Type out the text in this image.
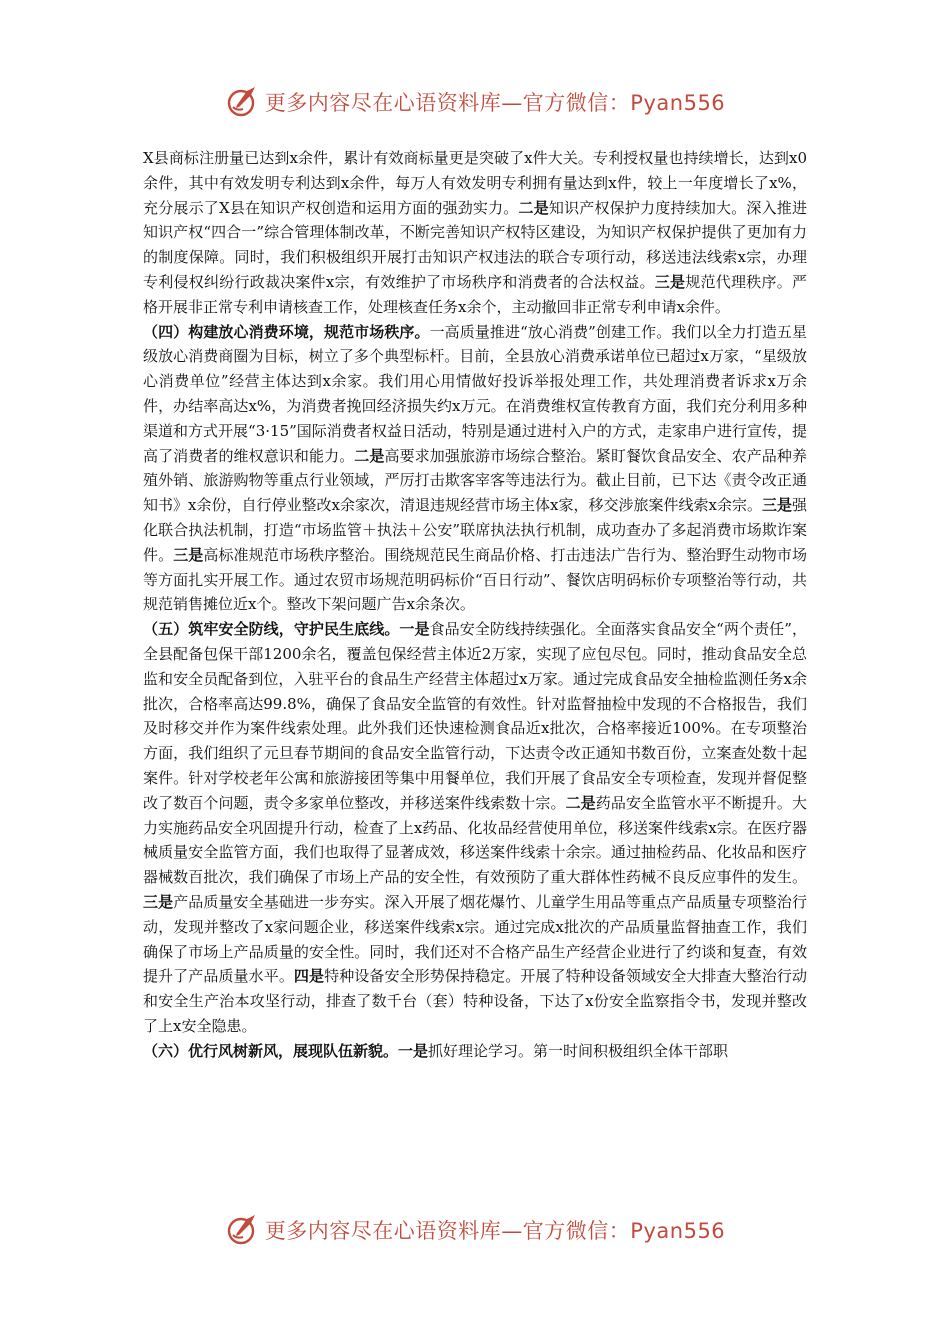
更多内容尽在心语资料库—官方微信：Pyan556

X县商标注册量已达到x余件，累计有效商标量更是突破了x件大关。专利授权量也持续增长，达到x0余件，其中有效发明专利达到x余件，每万人有效发明专利拥有量达到x件，较上一年度增长了x%，充分展示了X县在知识产权创造和运用方面的强劲实力。二是知识产权保护力度持续加大。深入推进知识产权“四合一”综合管理体制改革，不断完善知识产权特区建设，为知识产权保护提供了更加有力的制度保障。同时，我们积极组织开展打击知识产权违法的联合专项行动，移送违法线索x宗，办理专利侵权纠纷行政裁决案件x宗，有效维护了市场秩序和消费者的合法权益。三是规范代理秩序。严格开展非正常专利申请核查工作，处理核查任务x余个，主动撤回非正常专利申请x余件。

（四）构建放心消费环境，规范市场秩序。一高质量推进“放心消费”创建工作。我们以全力打造五星级放心消费商圈为目标，树立了多个典型标杆。目前，全县放心消费承诺单位已超过x万家，“星级放心消费单位”经营主体达到x余家。我们用心用情做好投诉举报处理工作，共处理消费者诉求x万余件，办结率高达x%，为消费者挽回经济损失约x万元。在消费维权宣传教育方面，我们充分利用多种渠道和方式开展“3·15”国际消费者权益日活动，特别是通过进村入户的方式，走家串户进行宣传，提高了消费者的维权意识和能力。二是高要求加强旅游市场综合整治。紧盯餐饮食品安全、农产品种养殖外销、旅游购物等重点行业领域，严厉打击欺客宰客等违法行为。截止目前，已下达《责令改正通知书》x余份，自行停业整改x余家次，清退违规经营市场主体x家，移交涉旅案件线索x余宗。三是强化联合执法机制，打造“市场监管＋执法＋公安”联席执法执行机制，成功查办了多起消费市场欺诈案件。三是高标准规范市场秩序整治。围绕规范民生商品价格、打击违法广告行为、整治野生动物市场等方面扎实开展工作。通过农贸市场规范明码标价“百日行动”、餐饮店明码标价专项整治等行动，共规范销售摊位近x个。整改下架问题广告x余条次。

（五）筑牢安全防线，守护民生底线。一是食品安全防线持续强化。全面落实食品安全“两个责任”，全县配备包保干部1200余名，覆盖包保经营主体近2万家，实现了应包尽包。同时，推动食品安全总监和安全员配备到位，入驻平台的食品生产经营主体超过x万家。通过完成食品安全抽检监测任务x余批次，合格率高达99.8%，确保了食品安全监管的有效性。针对监督抽检中发现的不合格报告，我们及时移交并作为案件线索处理。此外我们还快速检测食品近x批次，合格率接近100%。在专项整治方面，我们组织了元旦春节期间的食品安全监管行动，下达责令改正通知书数百份，立案查处数十起案件。针对学校老年公寓和旅游接团等集中用餐单位，我们开展了食品安全专项检查，发现并督促整改了数百个问题，责令多家单位整改，并移送案件线索数十宗。二是药品安全监管水平不断提升。大力实施药品安全巩固提升行动，检查了上x药品、化妆品经营使用单位，移送案件线索x宗。在医疗器械质量安全监管方面，我们也取得了显著成效，移送案件线索十余宗。通过抽检药品、化妆品和医疗器械数百批次，我们确保了市场上产品的安全性，有效预防了重大群体性药械不良反应事件的发生。三是产品质量安全基础进一步夯实。深入开展了烟花爆竹、儿童学生用品等重点产品质量专项整治行动，发现并整改了x家问题企业，移送案件线索x宗。通过完成x批次的产品质量监督抽查工作，我们确保了市场上产品质量的安全性。同时，我们还对不合格产品生产经营企业进行了约谈和复查，有效提升了产品质量水平。四是特种设备安全形势保持稳定。开展了特种设备领域安全大排查大整治行动和安全生产治本攻坚行动，排查了数千台（套）特种设备，下达了x份安全监察指令书，发现并整改了上x安全隐患。

（六）优行风树新风，展现队伍新貌。一是抓好理论学习。第一时间积极组织全体干部职

更多内容尽在心语资料库—官方微信：Pyan556
